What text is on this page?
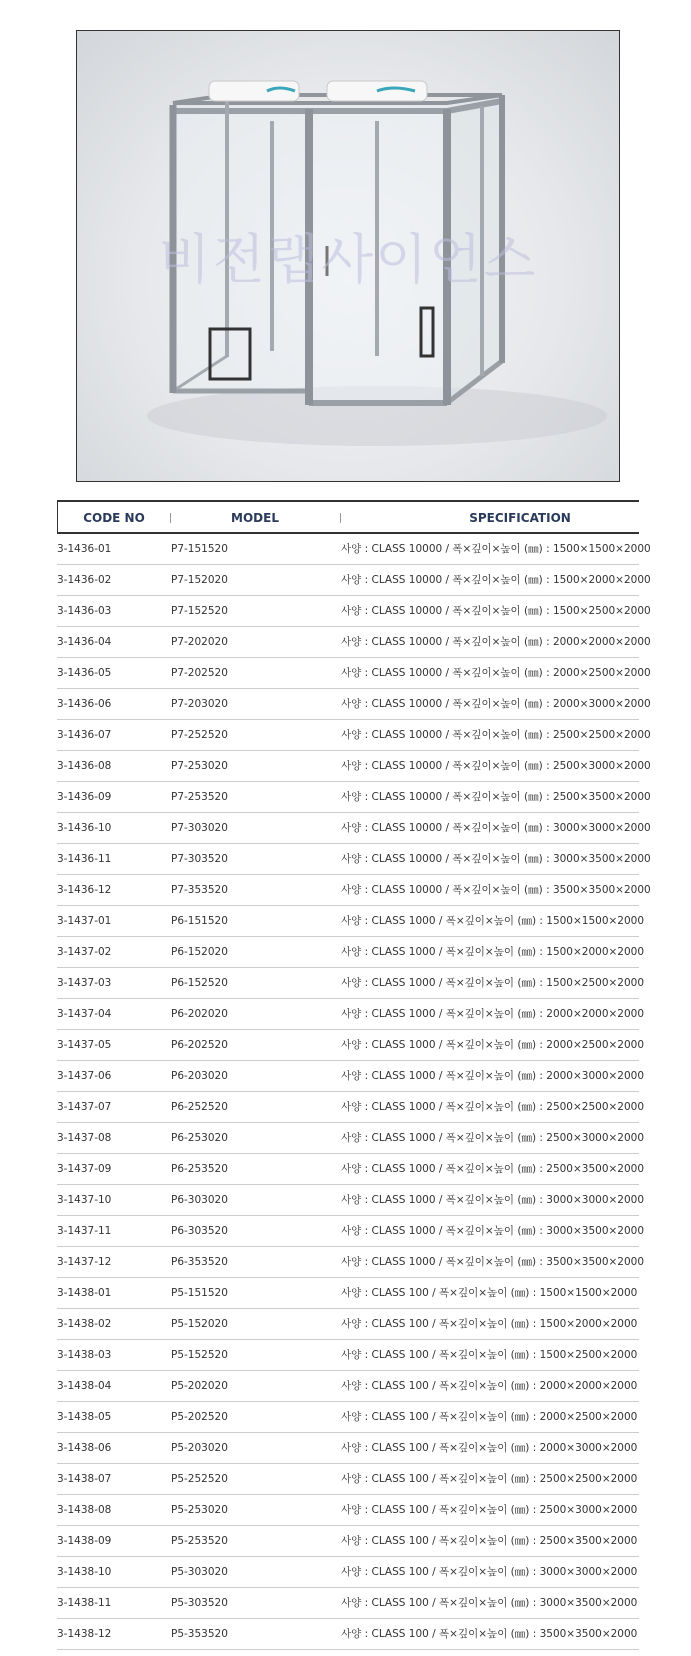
비전랩사이언스
CODE NO	MODEL	SPECIFICATION
3-1436-01	P7-151520	사양 : CLASS 10000 / 폭×깊이×높이 (㎜) : 1500×1500×2000
3-1436-02	P7-152020	사양 : CLASS 10000 / 폭×깊이×높이 (㎜) : 1500×2000×2000
3-1436-03	P7-152520	사양 : CLASS 10000 / 폭×깊이×높이 (㎜) : 1500×2500×2000
3-1436-04	P7-202020	사양 : CLASS 10000 / 폭×깊이×높이 (㎜) : 2000×2000×2000
3-1436-05	P7-202520	사양 : CLASS 10000 / 폭×깊이×높이 (㎜) : 2000×2500×2000
3-1436-06	P7-203020	사양 : CLASS 10000 / 폭×깊이×높이 (㎜) : 2000×3000×2000
3-1436-07	P7-252520	사양 : CLASS 10000 / 폭×깊이×높이 (㎜) : 2500×2500×2000
3-1436-08	P7-253020	사양 : CLASS 10000 / 폭×깊이×높이 (㎜) : 2500×3000×2000
3-1436-09	P7-253520	사양 : CLASS 10000 / 폭×깊이×높이 (㎜) : 2500×3500×2000
3-1436-10	P7-303020	사양 : CLASS 10000 / 폭×깊이×높이 (㎜) : 3000×3000×2000
3-1436-11	P7-303520	사양 : CLASS 10000 / 폭×깊이×높이 (㎜) : 3000×3500×2000
3-1436-12	P7-353520	사양 : CLASS 10000 / 폭×깊이×높이 (㎜) : 3500×3500×2000
3-1437-01	P6-151520	사양 : CLASS 1000 / 폭×깊이×높이 (㎜) : 1500×1500×2000
3-1437-02	P6-152020	사양 : CLASS 1000 / 폭×깊이×높이 (㎜) : 1500×2000×2000
3-1437-03	P6-152520	사양 : CLASS 1000 / 폭×깊이×높이 (㎜) : 1500×2500×2000
3-1437-04	P6-202020	사양 : CLASS 1000 / 폭×깊이×높이 (㎜) : 2000×2000×2000
3-1437-05	P6-202520	사양 : CLASS 1000 / 폭×깊이×높이 (㎜) : 2000×2500×2000
3-1437-06	P6-203020	사양 : CLASS 1000 / 폭×깊이×높이 (㎜) : 2000×3000×2000
3-1437-07	P6-252520	사양 : CLASS 1000 / 폭×깊이×높이 (㎜) : 2500×2500×2000
3-1437-08	P6-253020	사양 : CLASS 1000 / 폭×깊이×높이 (㎜) : 2500×3000×2000
3-1437-09	P6-253520	사양 : CLASS 1000 / 폭×깊이×높이 (㎜) : 2500×3500×2000
3-1437-10	P6-303020	사양 : CLASS 1000 / 폭×깊이×높이 (㎜) : 3000×3000×2000
3-1437-11	P6-303520	사양 : CLASS 1000 / 폭×깊이×높이 (㎜) : 3000×3500×2000
3-1437-12	P6-353520	사양 : CLASS 1000 / 폭×깊이×높이 (㎜) : 3500×3500×2000
3-1438-01	P5-151520	사양 : CLASS 100 / 폭×깊이×높이 (㎜) : 1500×1500×2000
3-1438-02	P5-152020	사양 : CLASS 100 / 폭×깊이×높이 (㎜) : 1500×2000×2000
3-1438-03	P5-152520	사양 : CLASS 100 / 폭×깊이×높이 (㎜) : 1500×2500×2000
3-1438-04	P5-202020	사양 : CLASS 100 / 폭×깊이×높이 (㎜) : 2000×2000×2000
3-1438-05	P5-202520	사양 : CLASS 100 / 폭×깊이×높이 (㎜) : 2000×2500×2000
3-1438-06	P5-203020	사양 : CLASS 100 / 폭×깊이×높이 (㎜) : 2000×3000×2000
3-1438-07	P5-252520	사양 : CLASS 100 / 폭×깊이×높이 (㎜) : 2500×2500×2000
3-1438-08	P5-253020	사양 : CLASS 100 / 폭×깊이×높이 (㎜) : 2500×3000×2000
3-1438-09	P5-253520	사양 : CLASS 100 / 폭×깊이×높이 (㎜) : 2500×3500×2000
3-1438-10	P5-303020	사양 : CLASS 100 / 폭×깊이×높이 (㎜) : 3000×3000×2000
3-1438-11	P5-303520	사양 : CLASS 100 / 폭×깊이×높이 (㎜) : 3000×3500×2000
3-1438-12	P5-353520	사양 : CLASS 100 / 폭×깊이×높이 (㎜) : 3500×3500×2000
